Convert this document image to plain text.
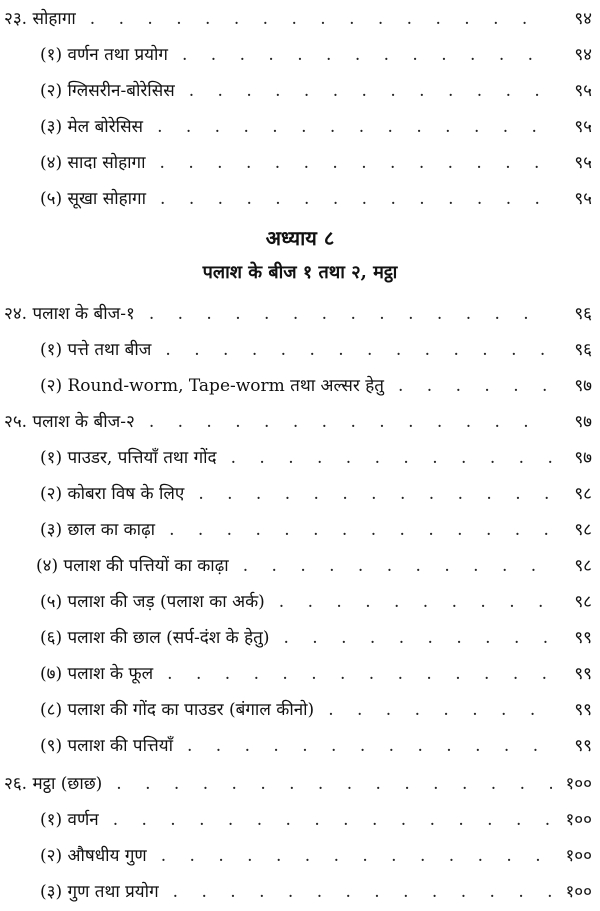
२३. सोहागा . . .	९४
(१) वर्णन तथा प्रयोग . . .	९४
(२) ग्लिसरीन-बोरेसिस . . .	९५
(३) मेल बोरेसिस . . .	९५
(४) सादा सोहागा . . .	९५
(५) सूखा सोहागा . . .	९५
अध्याय ८
पलाश के बीज १ तथा २, मट्ठा
२४. पलाश के बीज-१ . . .	९६
(१) पत्ते तथा बीज . . .	९६
(२) Round-worm, Tape-worm तथा अल्सर हेतु . . .	९७
२५. पलाश के बीज-२ . . .	९७
(१) पाउडर, पत्तियाँ तथा गोंद . . .	९७
(२) कोबरा विष के लिए . . .	९८
(३) छाल का काढ़ा . . .	९८
(४) पलाश की पत्तियों का काढ़ा . . .	९८
(५) पलाश की जड़ (पलाश का अर्क) . . .	९८
(६) पलाश की छाल (सर्प-दंश के हेतु) . . .	९९
(७) पलाश के फूल . . .	९९
(८) पलाश की गोंद का पाउडर (बंगाल कीनो) . . .	९९
(९) पलाश की पत्तियाँ . . .	९९
२६. मट्ठा (छाछ) . . .	१००
(१) वर्णन . . .	१००
(२) औषधीय गुण . . .	१००
(३) गुण तथा प्रयोग . . .	१००
